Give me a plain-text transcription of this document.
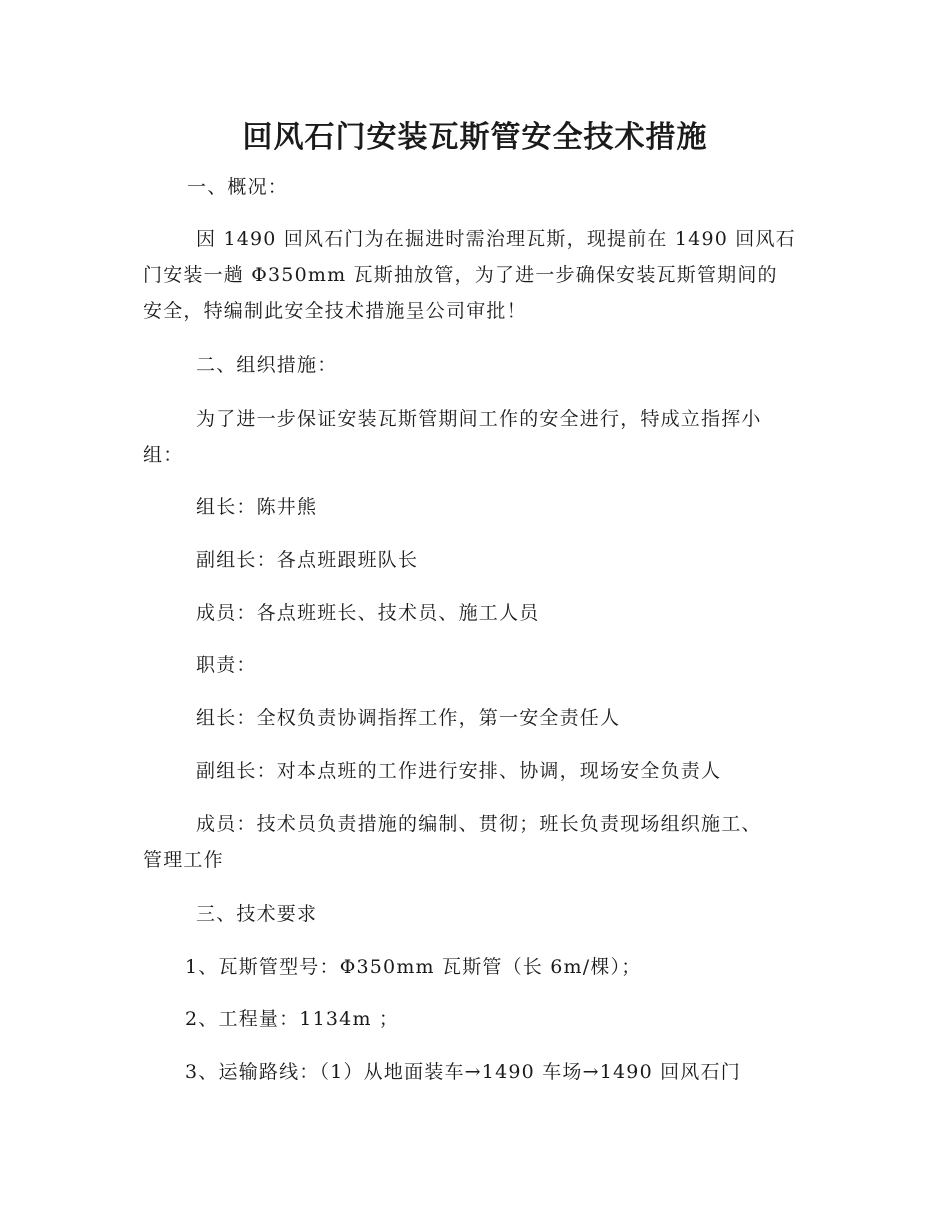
回风石门安装瓦斯管安全技术措施
一、概况：
因 1490 回风石门为在掘进时需治理瓦斯，现提前在 1490 回风石
门安装一趟 Φ350mm 瓦斯抽放管，为了进一步确保安装瓦斯管期间的
安全，特编制此安全技术措施呈公司审批！
二、组织措施：
为了进一步保证安装瓦斯管期间工作的安全进行，特成立指挥小
组：
组长：陈井熊
副组长：各点班跟班队长
成员：各点班班长、技术员、施工人员
职责：
组长：全权负责协调指挥工作，第一安全责任人
副组长：对本点班的工作进行安排、协调，现场安全负责人
成员：技术员负责措施的编制、贯彻；班长负责现场组织施工、
管理工作
三、技术要求
1、瓦斯管型号：Φ350mm 瓦斯管（长 6m/棵）；
2、工程量：1134m ；
3、运输路线：（1）从地面装车→1490 车场→1490 回风石门
